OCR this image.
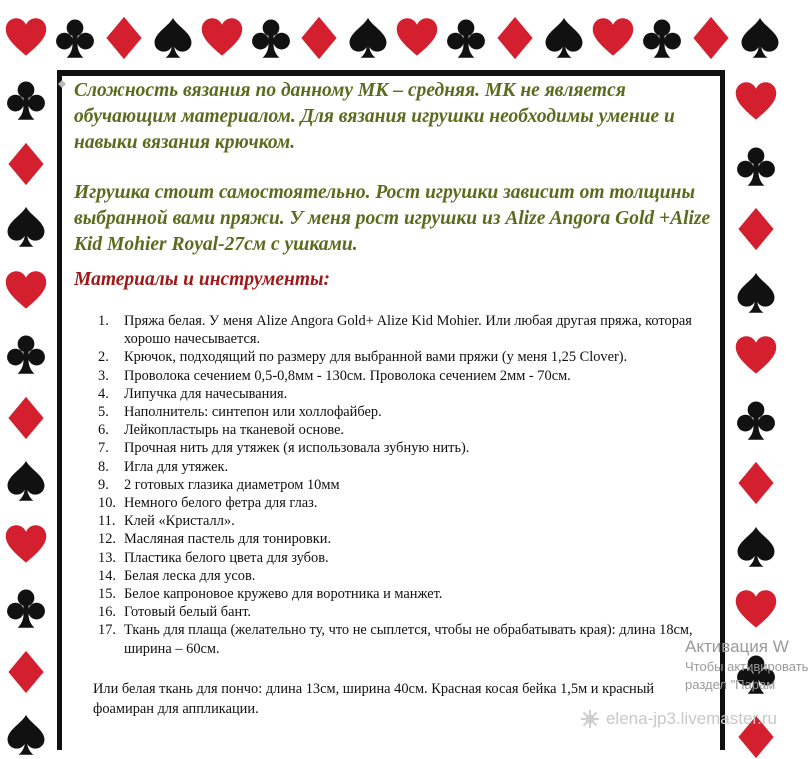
Сложность вязания по данному МК – средняя. МК не является обучающим материалом. Для вязания игрушки необходимы умение и навыки вязания крючком.

Игрушка стоит самостоятельно. Рост игрушки зависит от толщины выбранной вами пряжи. У меня рост игрушки из Alize Angora Gold +Alize Kid Mohier Royal-27см с ушками.

Материалы и инструменты:
1. Пряжа белая. У меня Alize Angora Gold+ Alize Kid Mohier. Или любая другая пряжа, которая хорошо начесывается.
2. Крючок, подходящий по размеру для выбранной вами пряжи (у меня 1,25 Clover).
3. Проволока сечением 0,5-0,8мм - 130см. Проволока сечением 2мм - 70см.
4. Липучка для начесывания.
5. Наполнитель: синтепон или холлофайбер.
6. Лейкопластырь на тканевой основе.
7. Прочная нить для утяжек (я использовала зубную нить).
8. Игла для утяжек.
9. 2 готовых глазика диаметром 10мм
10. Немного белого фетра для глаз.
11. Клей «Кристалл».
12. Масляная пастель для тонировки.
13. Пластика белого цвета для зубов.
14. Белая леска для усов.
15. Белое капроновое кружево для воротника и манжет.
16. Готовый белый бант.
17. Ткань для плаща (желательно ту, что не сыплется, чтобы не обрабатывать края): длина 18см, ширина – 60см.

Или белая ткань для пончо: длина 13см, ширина 40см. Красная косая бейка 1,5м и красный фоамиран для аппликации.

Активация W
Чтобы активировать
раздел "Парам
elena-jp3.livemaster.ru
